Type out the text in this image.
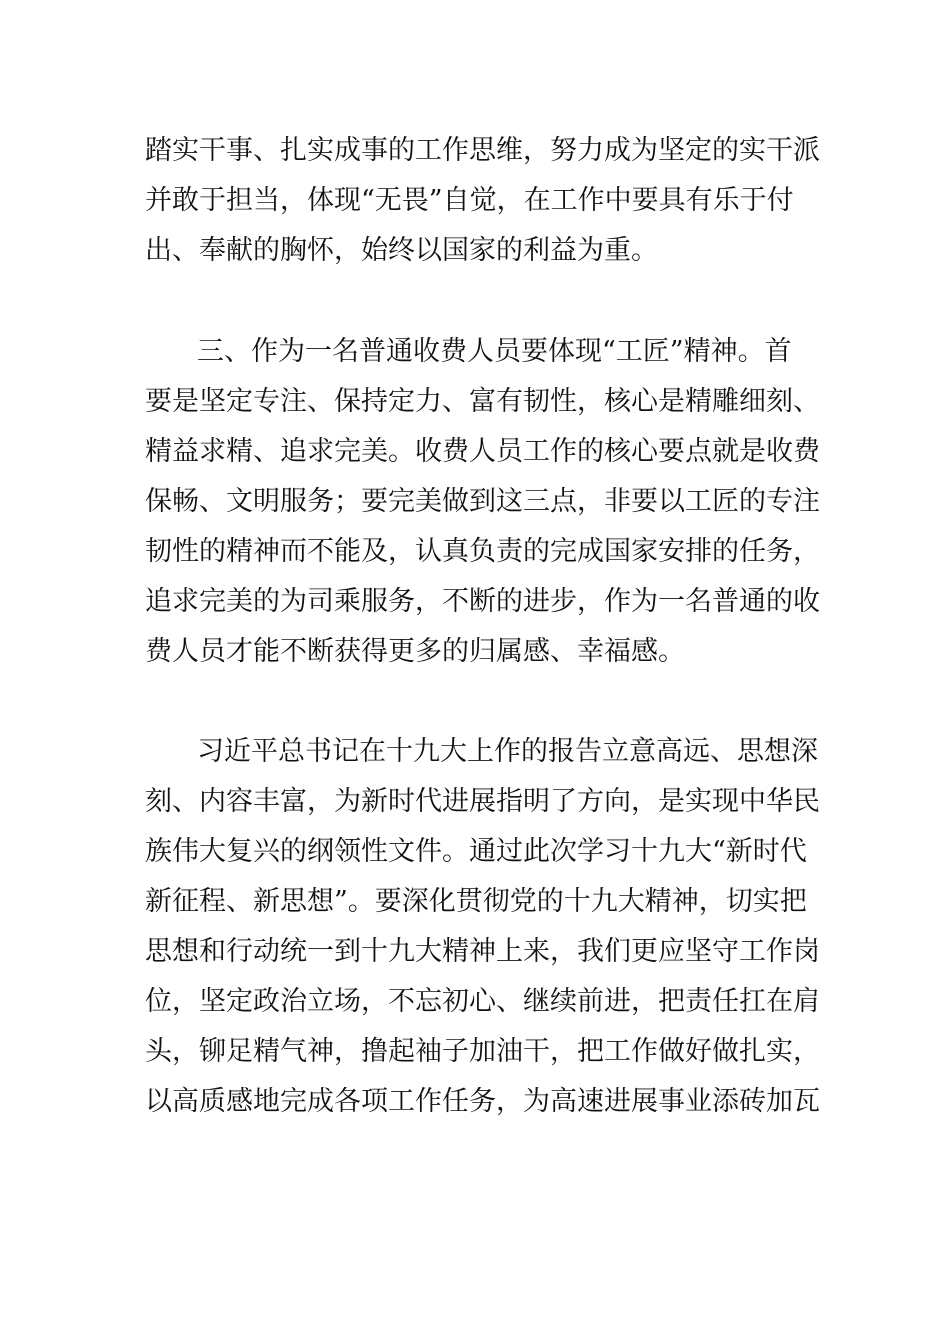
踏实干事、扎实成事的工作思维，努力成为坚定的实干派
并敢于担当，体现“无畏”自觉，在工作中要具有乐于付
出、奉献的胸怀，始终以国家的利益为重。
三、作为一名普通收费人员要体现“工匠”精神。首
要是坚定专注、保持定力、富有韧性，核心是精雕细刻、
精益求精、追求完美。收费人员工作的核心要点就是收费
保畅、文明服务；要完美做到这三点，非要以工匠的专注
韧性的精神而不能及，认真负责的完成国家安排的任务，
追求完美的为司乘服务，不断的进步，作为一名普通的收
费人员才能不断获得更多的归属感、幸福感。
习近平总书记在十九大上作的报告立意高远、思想深
刻、内容丰富，为新时代进展指明了方向，是实现中华民
族伟大复兴的纲领性文件。通过此次学习十九大“新时代
新征程、新思想”。要深化贯彻党的十九大精神，切实把
思想和行动统一到十九大精神上来，我们更应坚守工作岗
位，坚定政治立场，不忘初心、继续前进，把责任扛在肩
头，铆足精气神，撸起袖子加油干，把工作做好做扎实，
以高质感地完成各项工作任务，为高速进展事业添砖加瓦
